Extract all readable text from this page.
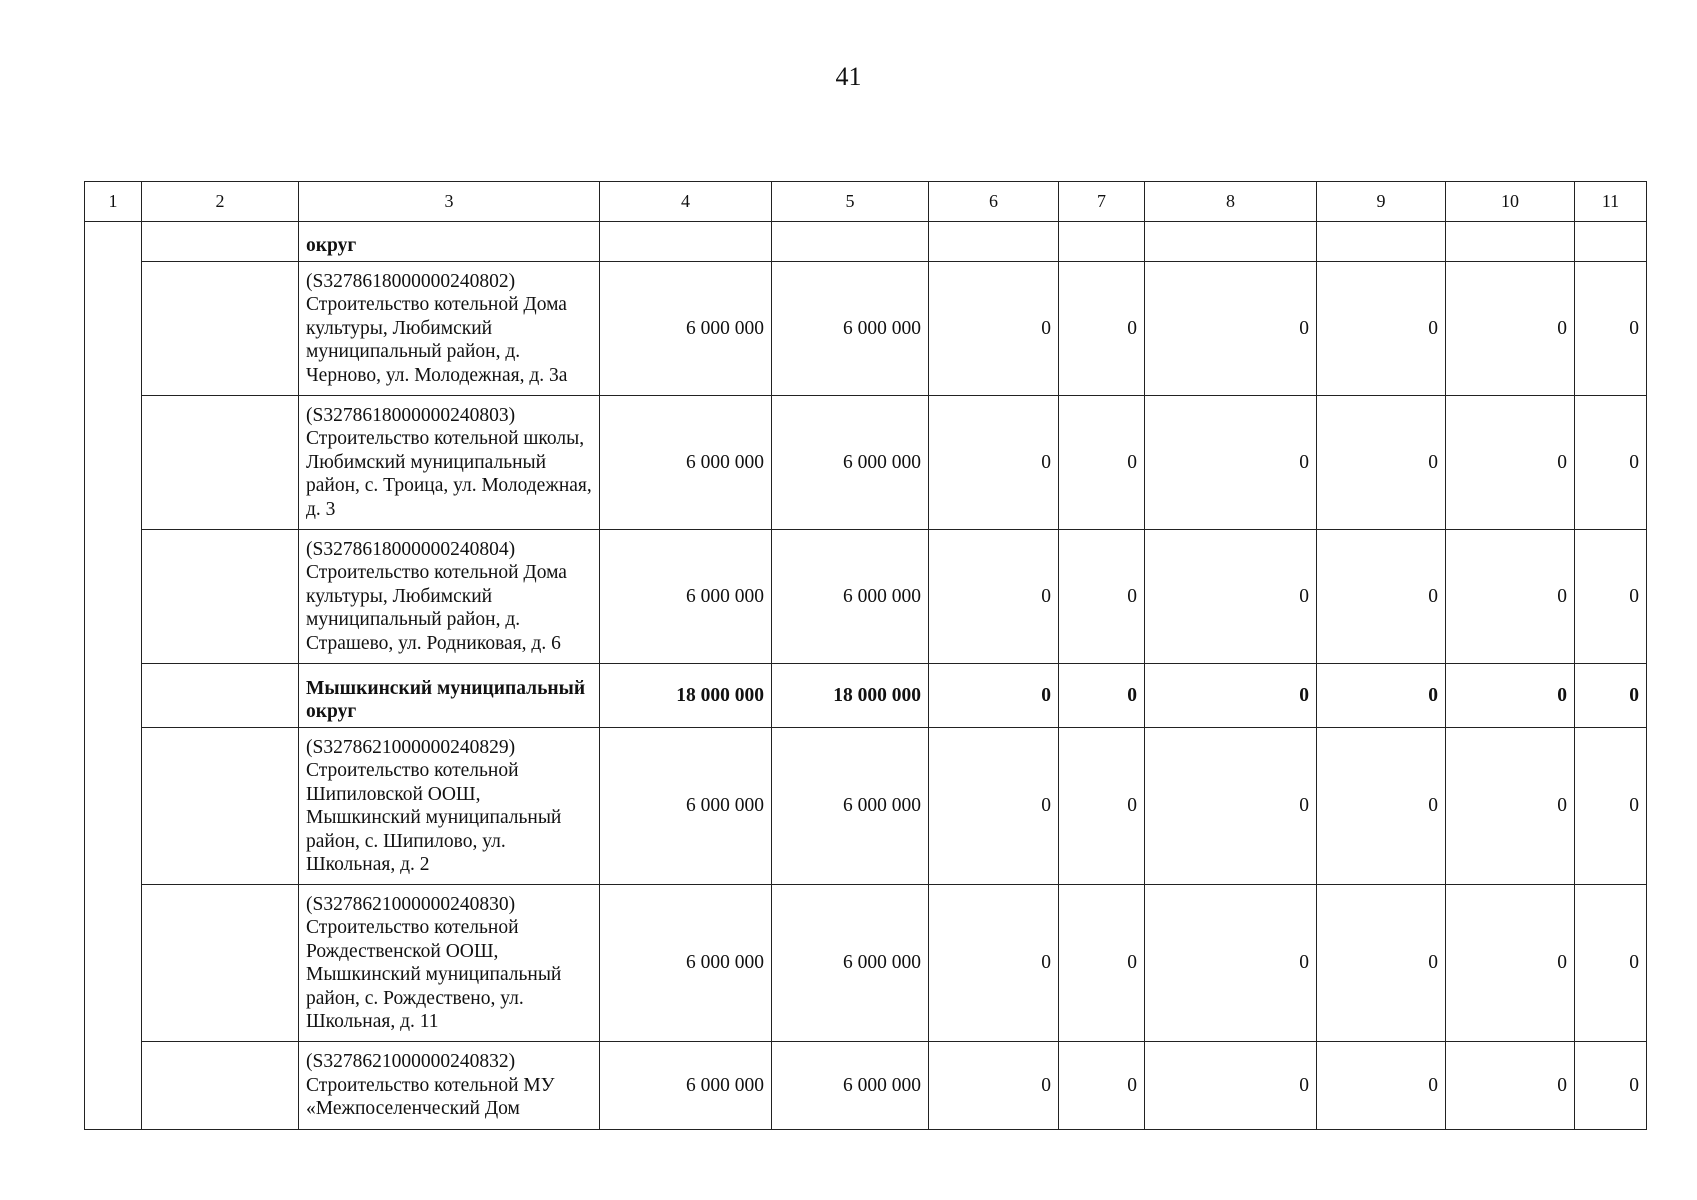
41
1	2	3	4	5	6	7	8	9	10	11
		округ								
		(S3278618000000240802) Строительство котельной Дома культуры, Любимский муниципальный район, д. Черново, ул. Молодежная, д. 3а	6 000 000	6 000 000	0	0	0	0	0	0
		(S3278618000000240803) Строительство котельной школы, Любимский муниципальный район, с. Троица, ул. Молодежная, д. 3	6 000 000	6 000 000	0	0	0	0	0	0
		(S3278618000000240804) Строительство котельной Дома культуры, Любимский муниципальный район, д. Страшево, ул. Родниковая, д. 6	6 000 000	6 000 000	0	0	0	0	0	0
		Мышкинский муниципальный округ	18 000 000	18 000 000	0	0	0	0	0	0
		(S3278621000000240829) Строительство котельной Шипиловской ООШ, Мышкинский муниципальный район, с. Шипилово, ул. Школьная, д. 2	6 000 000	6 000 000	0	0	0	0	0	0
		(S3278621000000240830) Строительство котельной Рождественской ООШ, Мышкинский муниципальный район, с. Рождествено, ул. Школьная, д. 11	6 000 000	6 000 000	0	0	0	0	0	0
		(S3278621000000240832) Строительство котельной МУ «Межпоселенческий Дом	6 000 000	6 000 000	0	0	0	0	0	0
